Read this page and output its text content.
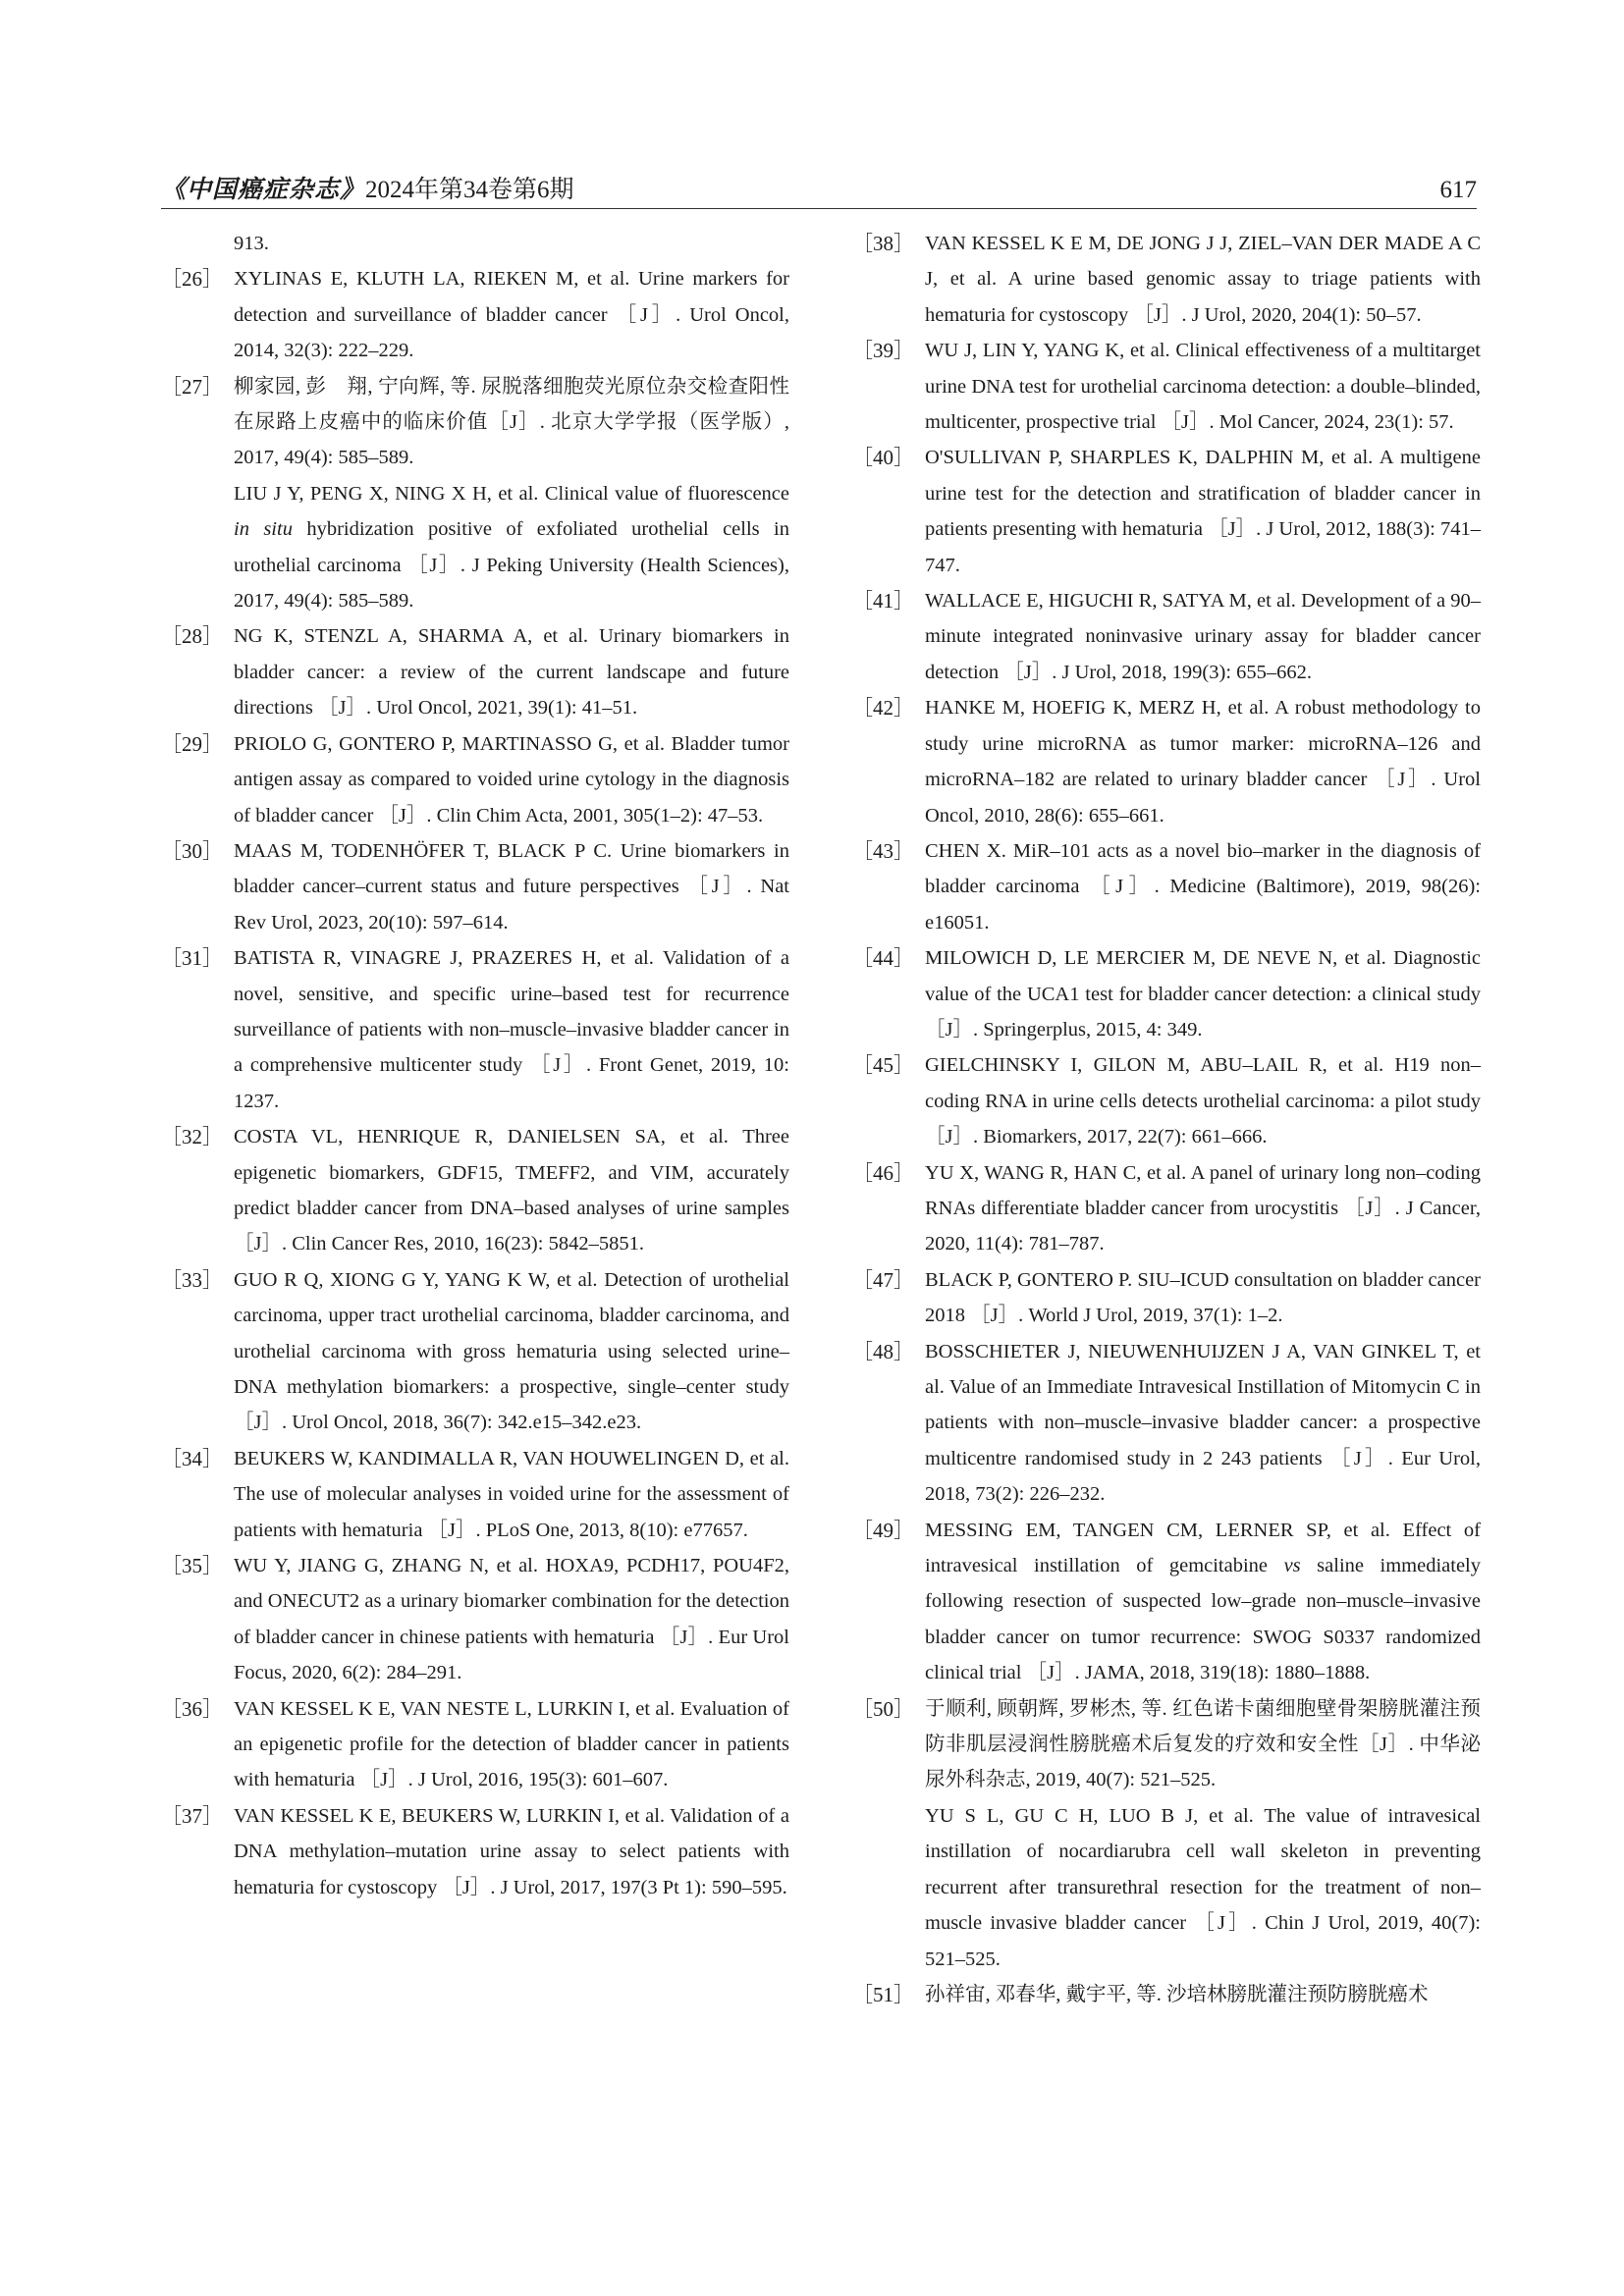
《中国癌症杂志》2024年第34卷第6期	617

913.

［26］ XYLINAS E, KLUTH LA, RIEKEN M, et al. Urine markers for detection and surveillance of bladder cancer ［J］. Urol Oncol, 2014, 32(3): 222–229.

［27］ 柳家园, 彭　翔, 宁向辉, 等. 尿脱落细胞荧光原位杂交检查阳性在尿路上皮癌中的临床价值［J］. 北京大学学报（医学版）, 2017, 49(4): 585–589.

LIU J Y, PENG X, NING X H, et al. Clinical value of fluorescence in situ hybridization positive of exfoliated urothelial cells in urothelial carcinoma ［J］. J Peking University (Health Sciences), 2017, 49(4): 585–589.

［28］ NG K, STENZL A, SHARMA A, et al. Urinary biomarkers in bladder cancer: a review of the current landscape and future directions ［J］. Urol Oncol, 2021, 39(1): 41–51.

［29］ PRIOLO G, GONTERO P, MARTINASSO G, et al. Bladder tumor antigen assay as compared to voided urine cytology in the diagnosis of bladder cancer ［J］. Clin Chim Acta, 2001, 305(1–2): 47–53.

［30］ MAAS M, TODENHÖFER T, BLACK P C. Urine biomarkers in bladder cancer–current status and future perspectives ［J］. Nat Rev Urol, 2023, 20(10): 597–614.

［31］ BATISTA R, VINAGRE J, PRAZERES H, et al. Validation of a novel, sensitive, and specific urine–based test for recurrence surveillance of patients with non–muscle–invasive bladder cancer in a comprehensive multicenter study ［J］. Front Genet, 2019, 10: 1237.

［32］ COSTA VL, HENRIQUE R, DANIELSEN SA, et al. Three epigenetic biomarkers, GDF15, TMEFF2, and VIM, accurately predict bladder cancer from DNA–based analyses of urine samples ［J］. Clin Cancer Res, 2010, 16(23): 5842–5851.

［33］ GUO R Q, XIONG G Y, YANG K W, et al. Detection of urothelial carcinoma, upper tract urothelial carcinoma, bladder carcinoma, and urothelial carcinoma with gross hematuria using selected urine–DNA methylation biomarkers: a prospective, single–center study ［J］. Urol Oncol, 2018, 36(7): 342.e15–342.e23.

［34］ BEUKERS W, KANDIMALLA R, VAN HOUWELINGEN D, et al. The use of molecular analyses in voided urine for the assessment of patients with hematuria ［J］. PLoS One, 2013, 8(10): e77657.

［35］ WU Y, JIANG G, ZHANG N, et al. HOXA9, PCDH17, POU4F2, and ONECUT2 as a urinary biomarker combination for the detection of bladder cancer in chinese patients with hematuria ［J］. Eur Urol Focus, 2020, 6(2): 284–291.

［36］ VAN KESSEL K E, VAN NESTE L, LURKIN I, et al. Evaluation of an epigenetic profile for the detection of bladder cancer in patients with hematuria ［J］. J Urol, 2016, 195(3): 601–607.

［37］ VAN KESSEL K E, BEUKERS W, LURKIN I, et al. Validation of a DNA methylation–mutation urine assay to select patients with hematuria for cystoscopy ［J］. J Urol, 2017, 197(3 Pt 1): 590–595.

［38］ VAN KESSEL K E M, DE JONG J J, ZIEL–VAN DER MADE A C J, et al. A urine based genomic assay to triage patients with hematuria for cystoscopy ［J］. J Urol, 2020, 204(1): 50–57.

［39］ WU J, LIN Y, YANG K, et al. Clinical effectiveness of a multitarget urine DNA test for urothelial carcinoma detection: a double–blinded, multicenter, prospective trial ［J］. Mol Cancer, 2024, 23(1): 57.

［40］ O'SULLIVAN P, SHARPLES K, DALPHIN M, et al. A multigene urine test for the detection and stratification of bladder cancer in patients presenting with hematuria ［J］. J Urol, 2012, 188(3): 741–747.

［41］ WALLACE E, HIGUCHI R, SATYA M, et al. Development of a 90–minute integrated noninvasive urinary assay for bladder cancer detection ［J］. J Urol, 2018, 199(3): 655–662.

［42］ HANKE M, HOEFIG K, MERZ H, et al. A robust methodology to study urine microRNA as tumor marker: microRNA–126 and microRNA–182 are related to urinary bladder cancer ［J］. Urol Oncol, 2010, 28(6): 655–661.

［43］ CHEN X. MiR–101 acts as a novel bio–marker in the diagnosis of bladder carcinoma ［J］. Medicine (Baltimore), 2019, 98(26): e16051.

［44］ MILOWICH D, LE MERCIER M, DE NEVE N, et al. Diagnostic value of the UCA1 test for bladder cancer detection: a clinical study ［J］. Springerplus, 2015, 4: 349.

［45］ GIELCHINSKY I, GILON M, ABU–LAIL R, et al. H19 non–coding RNA in urine cells detects urothelial carcinoma: a pilot study ［J］. Biomarkers, 2017, 22(7): 661–666.

［46］ YU X, WANG R, HAN C, et al. A panel of urinary long non–coding RNAs differentiate bladder cancer from urocystitis ［J］. J Cancer, 2020, 11(4): 781–787.

［47］ BLACK P, GONTERO P. SIU–ICUD consultation on bladder cancer 2018 ［J］. World J Urol, 2019, 37(1): 1–2.

［48］ BOSSCHIETER J, NIEUWENHUIJZEN J A, VAN GINKEL T, et al. Value of an Immediate Intravesical Instillation of Mitomycin C in patients with non–muscle–invasive bladder cancer: a prospective multicentre randomised study in 2 243 patients ［J］. Eur Urol, 2018, 73(2): 226–232.

［49］ MESSING EM, TANGEN CM, LERNER SP, et al. Effect of intravesical instillation of gemcitabine vs saline immediately following resection of suspected low–grade non–muscle–invasive bladder cancer on tumor recurrence: SWOG S0337 randomized clinical trial ［J］. JAMA, 2018, 319(18): 1880–1888.

［50］ 于顺利, 顾朝辉, 罗彬杰, 等. 红色诺卡菌细胞壁骨架膀胱灌注预防非肌层浸润性膀胱癌术后复发的疗效和安全性［J］. 中华泌尿外科杂志, 2019, 40(7): 521–525.

YU S L, GU C H, LUO B J, et al. The value of intravesical instillation of nocardiarubra cell wall skeleton in preventing recurrent after transurethral resection for the treatment of non–muscle invasive bladder cancer ［J］. Chin J Urol, 2019, 40(7): 521–525.

［51］ 孙祥宙, 邓春华, 戴宇平, 等. 沙培林膀胱灌注预防膀胱癌术
